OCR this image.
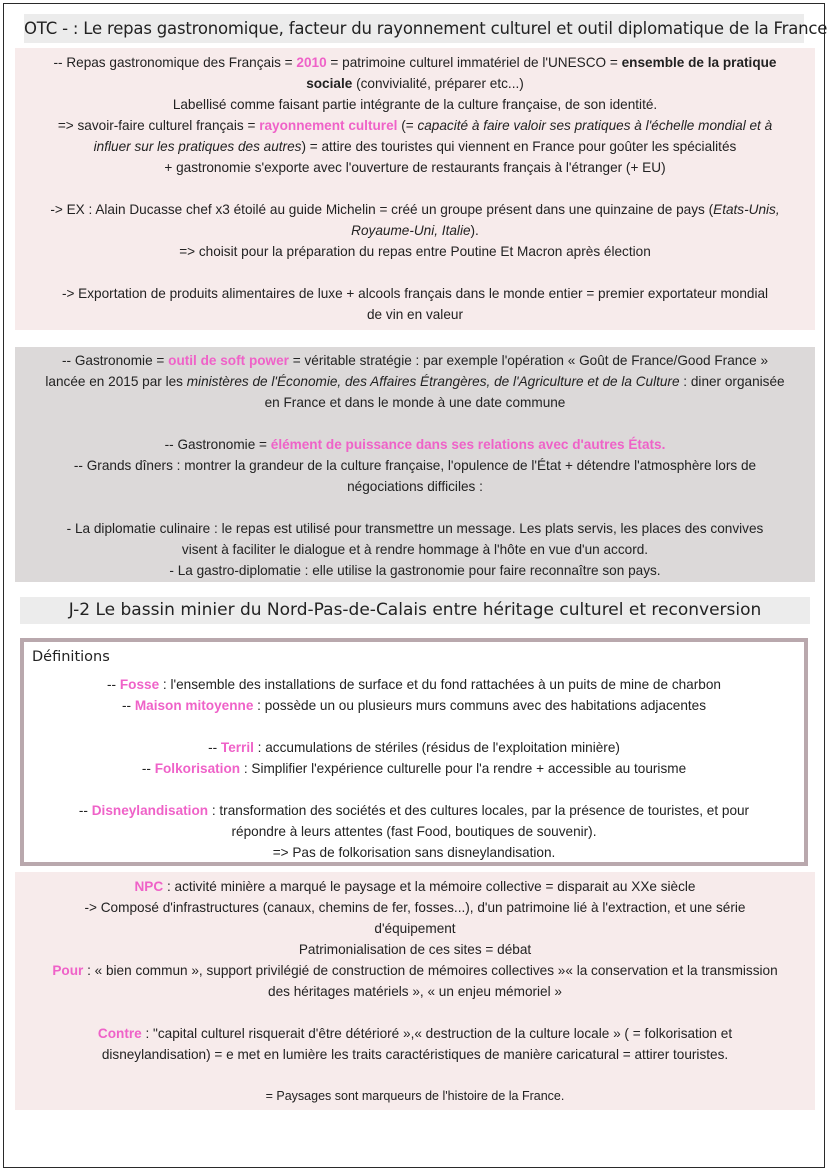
OTC - : Le repas gastronomique, facteur du rayonnement culturel et outil diplomatique de la France
-- Repas gastronomique des Français = 2010 = patrimoine culturel immatériel de l'UNESCO = ensemble de la pratique
sociale (convivialité, préparer etc...)
Labellisé comme faisant partie intégrante de la culture française, de son identité.
=> savoir-faire culturel français = rayonnement culturel (= capacité à faire valoir ses pratiques à l'échelle mondial et à
influer sur les pratiques des autres) = attire des touristes qui viennent en France pour goûter les spécialités
+ gastronomie s'exporte avec l'ouverture de restaurants français à l'étranger (+ EU)
-> EX : Alain Ducasse chef x3 étoilé au guide Michelin = créé un groupe présent dans une quinzaine de pays (Etats-Unis,
Royaume-Uni, Italie).
=> choisit pour la préparation du repas entre Poutine Et Macron après élection
-> Exportation de produits alimentaires de luxe + alcools français dans le monde entier = premier exportateur mondial
de vin en valeur
-- Gastronomie = outil de soft power = véritable stratégie : par exemple l'opération « Goût de France/Good France »
lancée en 2015 par les ministères de l'Économie, des Affaires Étrangères, de l'Agriculture et de la Culture : diner organisée
en France et dans le monde à une date commune
-- Gastronomie = élément de puissance dans ses relations avec d'autres États.
-- Grands dîners : montrer la grandeur de la culture française, l'opulence de l'État + détendre l'atmosphère lors de
négociations difficiles :
- La diplomatie culinaire : le repas est utilisé pour transmettre un message. Les plats servis, les places des convives
visent à faciliter le dialogue et à rendre hommage à l'hôte en vue d'un accord.
- La gastro-diplomatie : elle utilise la gastronomie pour faire reconnaître son pays.
J-2 Le bassin minier du Nord-Pas-de-Calais entre héritage culturel et reconversion
Définitions
-- Fosse : l'ensemble des installations de surface et du fond rattachées à un puits de mine de charbon
-- Maison mitoyenne : possède un ou plusieurs murs communs avec des habitations adjacentes
-- Terril : accumulations de stériles (résidus de l'exploitation minière)
-- Folkorisation : Simplifier l'expérience culturelle pour l'a rendre + accessible au tourisme
-- Disneylandisation : transformation des sociétés et des cultures locales, par la présence de touristes, et pour
répondre à leurs attentes (fast Food, boutiques de souvenir).
=> Pas de folkorisation sans disneylandisation.
NPC : activité minière a marqué le paysage et la mémoire collective = disparait au XXe siècle
-> Composé d'infrastructures (canaux, chemins de fer, fosses...), d'un patrimoine lié à l'extraction, et une série
d'équipement
Patrimonialisation de ces sites = débat
Pour : « bien commun », support privilégié de construction de mémoires collectives »« la conservation et la transmission
des héritages matériels », « un enjeu mémoriel »
Contre : "capital culturel risquerait d'être détérioré »,« destruction de la culture locale » ( = folkorisation et
disneylandisation) = e met en lumière les traits caractéristiques de manière caricatural = attirer touristes.
= Paysages sont marqueurs de l'histoire de la France.
